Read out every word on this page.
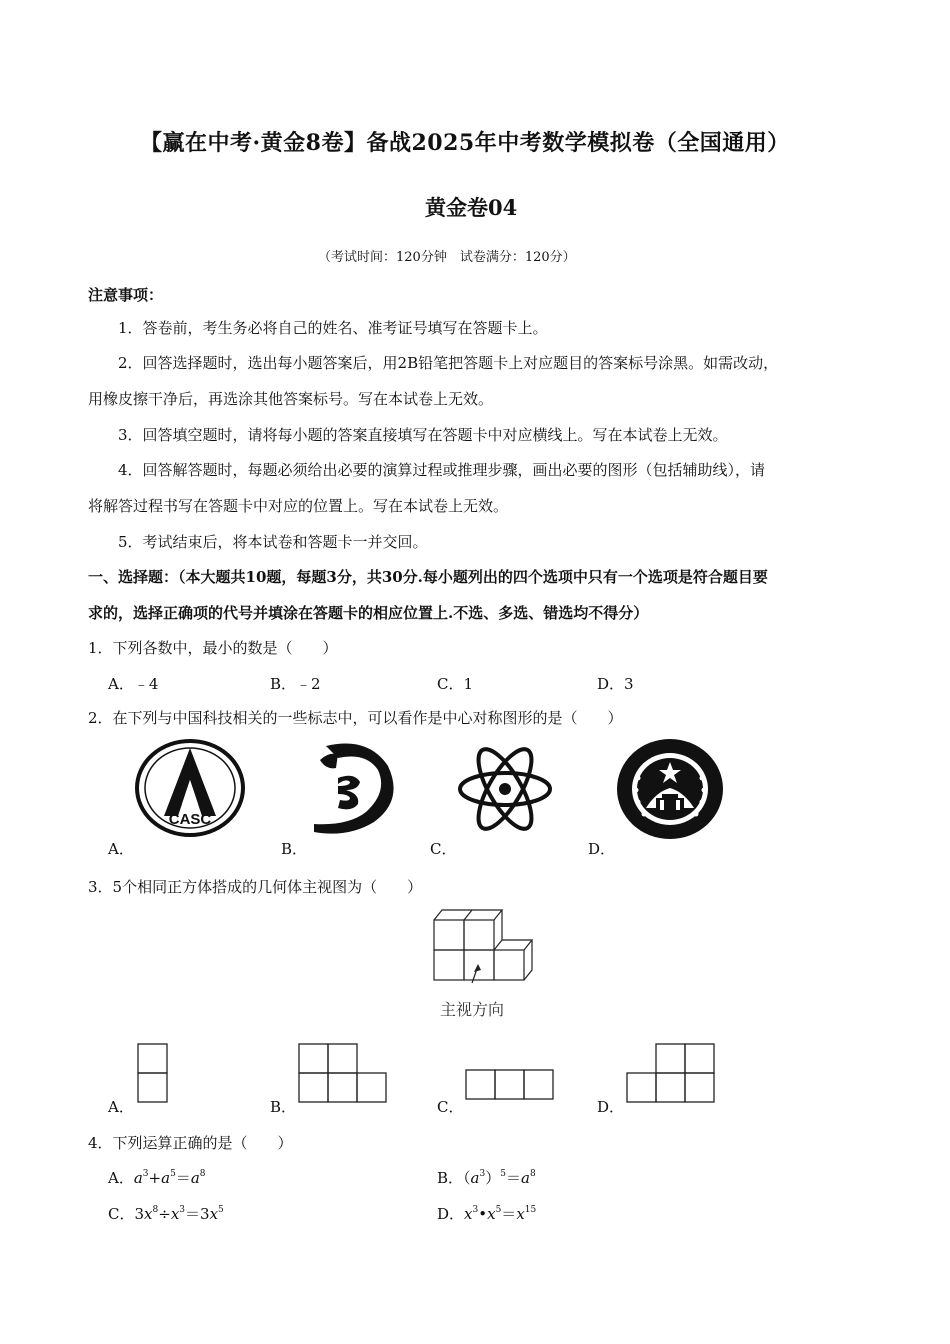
【赢在中考·黄金8卷】备战2025年中考数学模拟卷（全国通用）
黄金卷04
（考试时间：120分钟　试卷满分：120分）
注意事项：
1．答卷前，考生务必将自己的姓名、准考证号填写在答题卡上。
2．回答选择题时，选出每小题答案后，用2B铅笔把答题卡上对应题目的答案标号涂黑。如需改动，
用橡皮擦干净后，再选涂其他答案标号。写在本试卷上无效。
3．回答填空题时，请将每小题的答案直接填写在答题卡中对应横线上。写在本试卷上无效。
4．回答解答题时，每题必须给出必要的演算过程或推理步骤，画出必要的图形（包括辅助线），请
将解答过程书写在答题卡中对应的位置上。写在本试卷上无效。
5．考试结束后，将本试卷和答题卡一并交回。
一、选择题：（本大题共10题，每题3分，共30分.每小题列出的四个选项中只有一个选项是符合题目要
求的，选择正确项的代号并填涂在答题卡的相应位置上.不选、多选、错选均不得分）
1．下列各数中，最小的数是（　　）
A．﹣4	B．﹣2	C．1	D．3
2．在下列与中国科技相关的一些标志中，可以看作是中心对称图形的是（　　）
CASC
A．	B．	C．	D．
3．5个相同正方体搭成的几何体主视图为（　　）
主视方向
A．	B．	C．	D．
4．下列运算正确的是（　　）
A．$a^3+a^5=a^8$	B．$(a^3)^5=a^8$
C．$3x^8\div x^3=3x^5$	D．$x^3•x^5=x^{15}$
